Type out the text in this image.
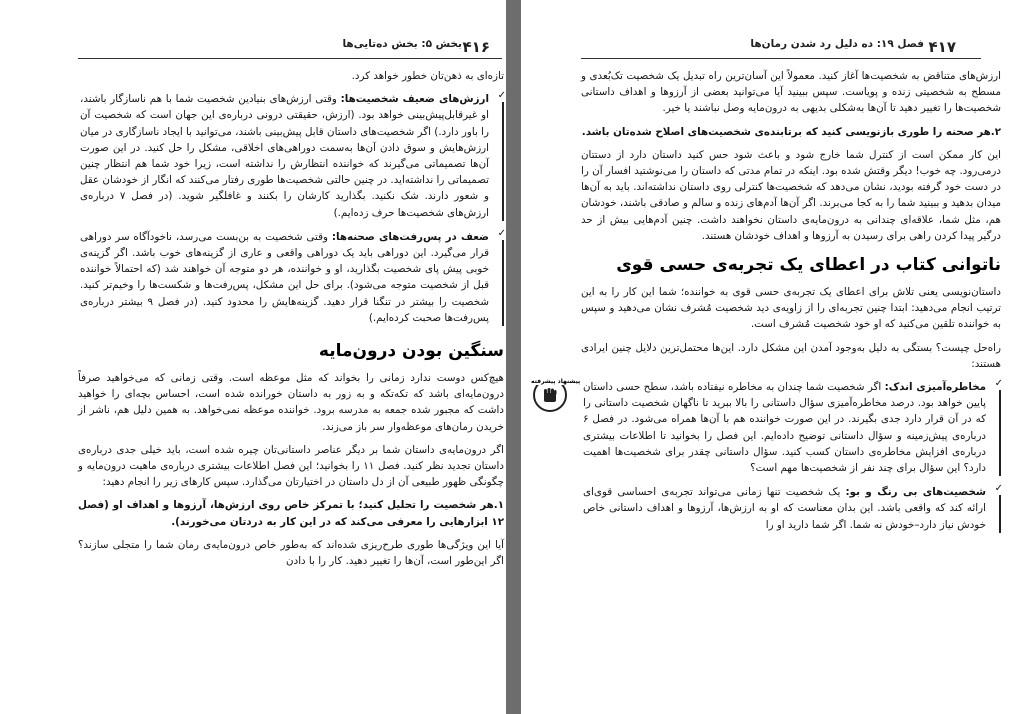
بخش ۵: بخش دەتایی‌ها ۴۱۶

تازه‌ای به ذهن‌تان خطور خواهد کرد.

✓
ارزش‌های ضعیف شخصیت‌ها: وقتی ارزش‌های بنیادین شخصیت شما با هم ناسازگار باشند، او غیرقابل‌پیش‌بینی خواهد بود. (ارزش، حقیقتی درونی درباره‌ی این جهان است که شخصیت آن را باور دارد.) اگر شخصیت‌های داستان قابل پیش‌بینی باشند، می‌توانید با ایجاد ناسازگاری در میان ارزش‌هایش و سوق دادن آن‌ها به‌سمت دوراهی‌های اخلاقی، مشکل را حل کنید. در این صورت آن‌ها تصمیماتی می‌گیرند که خواننده انتظارش را نداشته است، زیرا خود شما هم انتظار چنین تصمیماتی را نداشته‌اید. در چنین حالتی شخصیت‌ها طوری رفتار می‌کنند که انگار از خودشان عقل و شعور دارند. شک نکنید. بگذارید کارشان را بکنند و غافلگیر شوید. (در فصل ۷ درباره‌ی ارزش‌های شخصیت‌ها حرف زده‌ایم.)
✓
ضعف در پس‌رفت‌های صحنه‌ها: وقتی شخصیت به بن‌بست می‌رسد، ناخودآگاه سر دوراهی قرار می‌گیرد. این دوراهی باید یک دوراهی واقعی و عاری از گزینه‌های خوب باشد. اگر گزینه‌ی خوبی پیش پای شخصیت بگذارید، او و خواننده، هر دو متوجه آن خواهند شد (که احتمالاً خواننده قبل از شخصیت متوجه می‌شود). برای حل این مشکل، پس‌رفت‌ها و شکست‌ها را وخیم‌تر کنید. شخصیت را بیشتر در تنگنا قرار دهید. گزینه‌هایش را محدود کنید. (در فصل ۹ بیشتر درباره‌ی پس‌رفت‌ها صحبت کرده‌ایم.)
سنگین بودن درون‌مایه

هیچ‌کس دوست ندارد زمانی را بخواند که مثل موعظه است. وقتی زمانی که می‌خواهید صرفاً درون‌مایه‌ای باشد که تکه‌تکه و به زور به داستان خورانده شده است، احساس بچه‌ای را خواهید داشت که مجبور شده جمعه به مدرسه برود. خواننده موعظه نمی‌خواهد. به همین دلیل هم، ناشر از خریدن رمان‌های موعظه‌وار سر باز می‌زند.

اگر درون‌مایه‌ی داستان شما بر دیگر عناصر داستانی‌تان چیره شده است، باید خیلی جدی درباره‌ی داستان تجدید نظر کنید. فصل ۱۱ را بخوانید؛ این فصل اطلاعات بیشتری درباره‌ی ماهیت درون‌مایه و چگونگی ظهور طبیعی آن از دل داستان در اختیارتان می‌گذارد. سپس کارهای زیر را انجام دهید:

۱.هر شخصیت را تحلیل کنید؛ با تمرکز خاص روی ارزش‌ها، آرزوها و اهداف او (فصل ۱۲ ابزارهایی را معرفی می‌کند که در این کار به دردتان می‌خورند).

آیا این ویژگی‌ها طوری طرح‌ریزی شده‌اند که به‌طور خاص درون‌مایه‌ی رمان شما را متجلی سازند؟ اگر این‌طور است، آن‌ها را تغییر دهید. کار را با دادن

فصل ۱۹: ده دلیل رد شدن رمان‌ها ۴۱۷

ارزش‌های متناقض به شخصیت‌ها آغاز کنید. معمولاً این آسان‌ترین راه تبدیل یک شخصیت تک‌بُعدی و مسطح به شخصیتی زنده و پویاست. سپس ببینید آیا می‌توانید بعضی از آرزوها و اهداف داستانی شخصیت‌ها را تغییر دهید تا آن‌ها به‌شکلی بدیهی به درون‌مایه وصل نباشند یا خیر.

۲.هر صحنه را طوری بازنویسی کنید که برتابنده‌ی شخصیت‌های اصلاح شده‌تان باشد.

این کار ممکن است از کنترل شما خارج شود و باعث شود حس کنید داستان دارد از دستتان درمی‌رود. چه خوب! دیگر وقتش شده بود. اینکه در تمام مدتی که داستان را می‌نوشتید افسار آن را در دست خود گرفته بودید، نشان می‌دهد که شخصیت‌ها کنترلی روی داستان نداشته‌اند. باید به آن‌ها میدان بدهید و ببینید شما را به کجا می‌برند. اگر آن‌ها آدم‌های زنده و سالم و صادقی باشند، خودشان هم، مثل شما، علاقه‌ای چندانی به درون‌مایه‌ی داستان نخواهند داشت. چنین آدم‌هایی بیش از حد درگیر پیدا کردن راهی برای رسیدن به آرزوها و اهداف خودشان هستند.

ناتوانی کتاب در اعطای یک تجربه‌ی حسی قوی

داستان‌نویسی یعنی تلاش برای اعطای یک تجربه‌ی حسی قوی به خواننده؛ شما این کار را به این ترتیب انجام می‌دهید: ابتدا چنین تجربه‌ای را از زاویه‌ی دید شخصیت مُشرف نشان می‌دهید و سپس به خواننده تلقین می‌کنید که او خود شخصیت مُشرف است.

راه‌حل چیست؟ بستگی به دلیل به‌وجود آمدن این مشکل دارد. این‌ها محتمل‌ترین دلایل چنین ایرادی هستند:

✓
مخاطره‌آمیزی اندک: اگر شخصیت شما چندان به مخاطره نیفتاده باشد، سطح حسی داستان پایین خواهد بود. درصد مخاطره‌آمیزی سؤال داستانی را بالا ببرید تا ناگهان شخصیت داستانی را که در آن قرار دارد جدی بگیرند. در این صورت خواننده هم با آن‌ها همراه می‌شود. در فصل ۶ درباره‌ی پیش‌زمینه و سؤال داستانی توضیح داده‌ایم. این فصل را بخوانید تا اطلاعات بیشتری درباره‌ی افزایش مخاطره‌ی داستان کسب کنید. سؤال داستانی چقدر برای شخصیت‌ها اهمیت دارد؟ این سؤال برای چند نفر از شخصیت‌ها مهم است؟
✓
شخصیت‌های بی رنگ و بو: یک شخصیت تنها زمانی می‌تواند تجربه‌ی احساسی قوی‌ای ارائه کند که واقعی باشد. این بدان معناست که او به ارزش‌ها، آرزوها و اهداف داستانی خاص خودش نیاز دارد–خودش نه شما. اگر شما دارید او را
پیشنهاد پیشرفته
